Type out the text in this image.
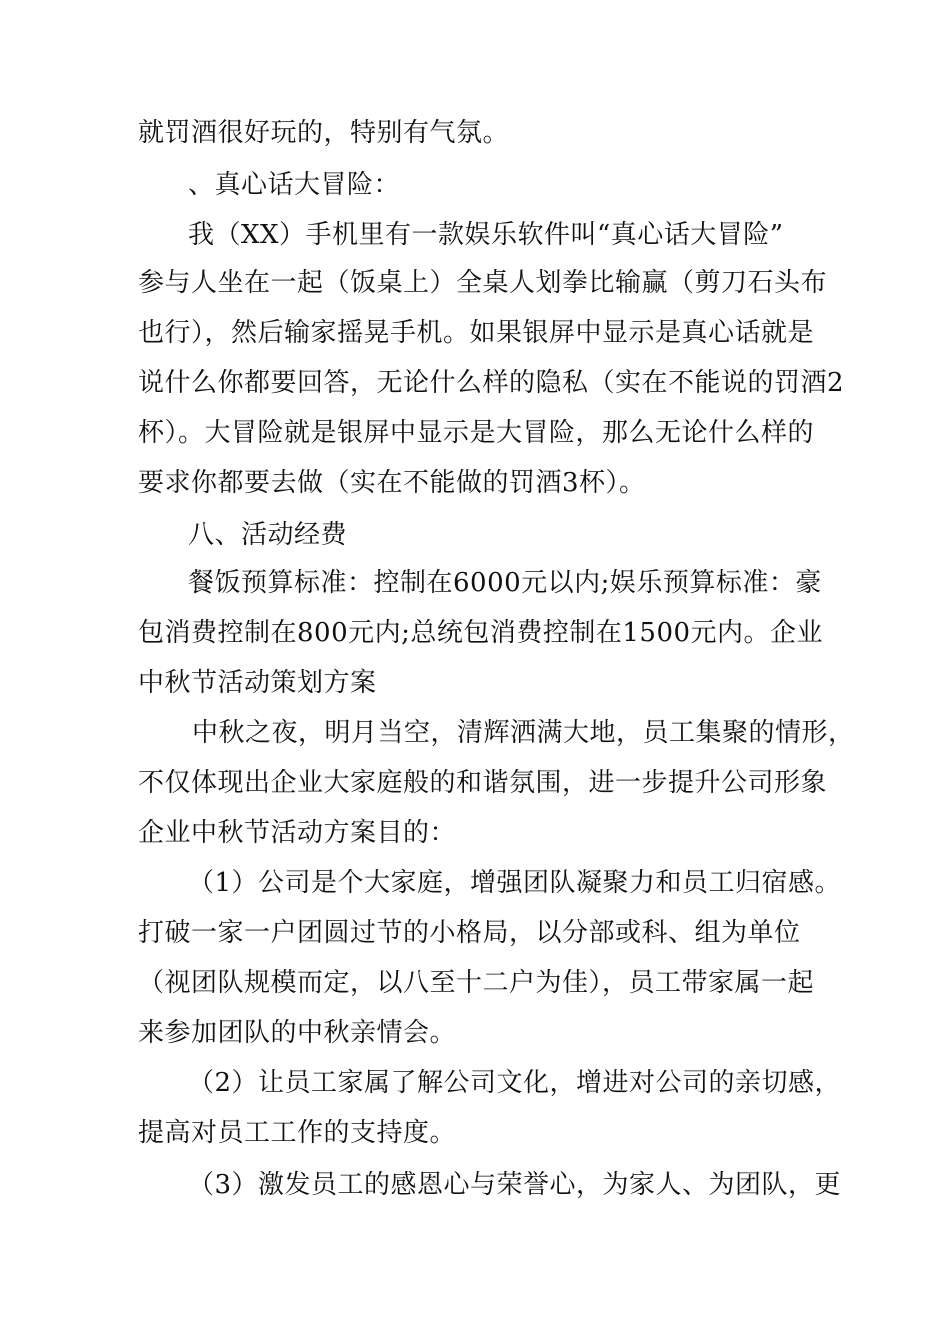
就罚酒很好玩的，特别有气氛。
、真心话大冒险：
我（XX）手机里有一款娱乐软件叫“真心话大冒险”
参与人坐在一起（饭桌上）全桌人划拳比输赢（剪刀石头布
也行），然后输家摇晃手机。如果银屏中显示是真心话就是
说什么你都要回答，无论什么样的隐私（实在不能说的罚酒2
杯）。大冒险就是银屏中显示是大冒险，那么无论什么样的
要求你都要去做（实在不能做的罚酒3杯）。
八、活动经费
餐饭预算标准：控制在6000元以内;娱乐预算标准：豪
包消费控制在800元内;总统包消费控制在1500元内。企业
中秋节活动策划方案
中秋之夜，明月当空，清辉洒满大地，员工集聚的情形，
不仅体现出企业大家庭般的和谐氛围，进一步提升公司形象
企业中秋节活动方案目的：
（1）公司是个大家庭，增强团队凝聚力和员工归宿感。
打破一家一户团圆过节的小格局，以分部或科、组为单位
（视团队规模而定，以八至十二户为佳），员工带家属一起
来参加团队的中秋亲情会。
（2）让员工家属了解公司文化，增进对公司的亲切感，
提高对员工工作的支持度。
（3）激发员工的感恩心与荣誉心，为家人、为团队，更
